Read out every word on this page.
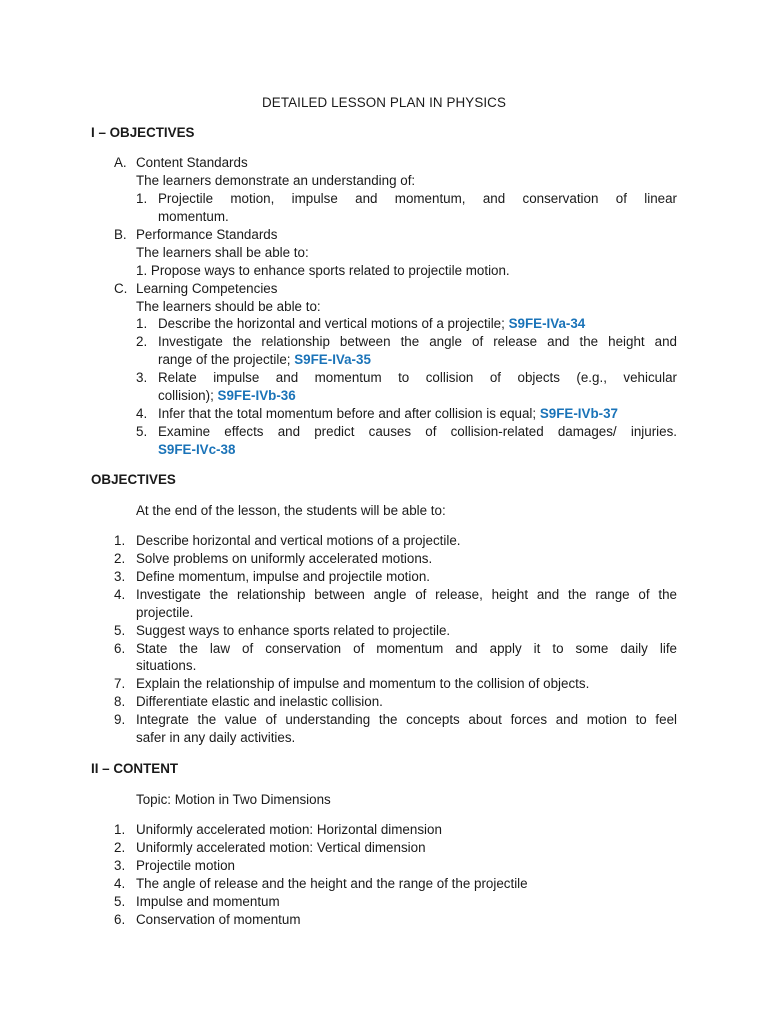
DETAILED LESSON PLAN IN PHYSICS
I – OBJECTIVES
A. Content Standards
The learners demonstrate an understanding of:
1. Projectile motion, impulse and momentum, and conservation of linear
momentum.
B. Performance Standards
The learners shall be able to:
1. Propose ways to enhance sports related to projectile motion.
C. Learning Competencies
The learners should be able to:
1. Describe the horizontal and vertical motions of a projectile; S9FE-IVa-34
2. Investigate the relationship between the angle of release and the height and
range of the projectile; S9FE-IVa-35
3. Relate impulse and momentum to collision of objects (e.g., vehicular
collision); S9FE-IVb-36
4. Infer that the total momentum before and after collision is equal; S9FE-IVb-37
5. Examine effects and predict causes of collision-related damages/ injuries.
S9FE-IVc-38
OBJECTIVES
At the end of the lesson, the students will be able to:
1. Describe horizontal and vertical motions of a projectile.
2. Solve problems on uniformly accelerated motions.
3. Define momentum, impulse and projectile motion.
4. Investigate the relationship between angle of release, height and the range of the
projectile.
5. Suggest ways to enhance sports related to projectile.
6. State the law of conservation of momentum and apply it to some daily life
situations.
7. Explain the relationship of impulse and momentum to the collision of objects.
8. Differentiate elastic and inelastic collision.
9. Integrate the value of understanding the concepts about forces and motion to feel
safer in any daily activities.
II – CONTENT
Topic: Motion in Two Dimensions
1. Uniformly accelerated motion: Horizontal dimension
2. Uniformly accelerated motion: Vertical dimension
3. Projectile motion
4. The angle of release and the height and the range of the projectile
5. Impulse and momentum
6. Conservation of momentum
